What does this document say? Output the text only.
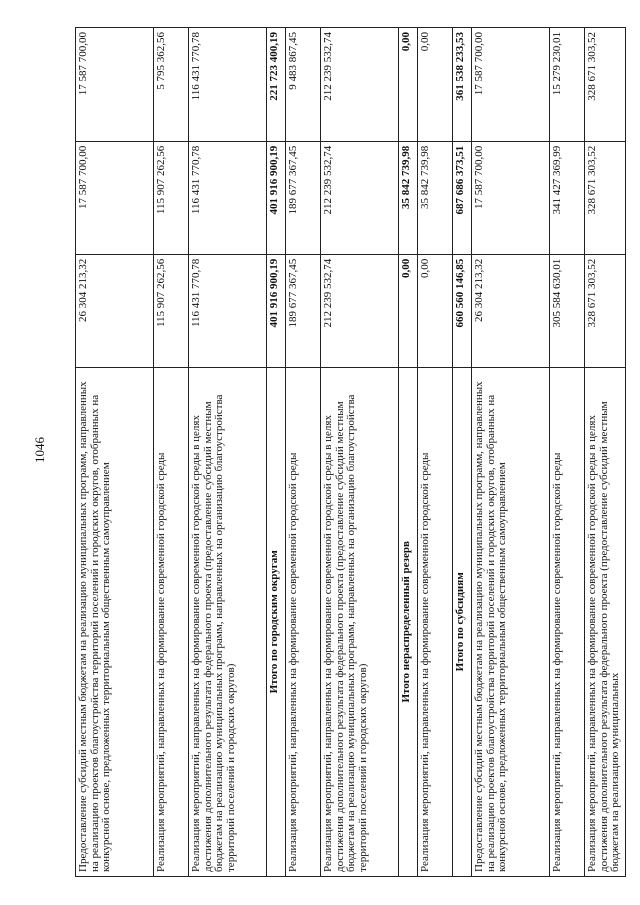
1046	Предоставление субсидий местным бюджетам на реализацию муниципальных программ, направленных на реализацию проектов благоустройства территорий поселений и городских округов, отобранных на конкурсной основе, предложенных территориальным общественным самоуправлением	26 304 213,32	17 587 700,00	17 587 700,00
Реализация мероприятий, направленных на формирование современной городской среды	115 907 262,56	115 907 262,56	5 795 362,56
Реализация мероприятий, направленных на формирование современной городской среды в целях достижения дополнительного результата федерального проекта (предоставление субсидий местным бюджетам на реализацию муниципальных программ, направленных на организацию благоустройства территорий поселений и городских округов)	116 431 770,78	116 431 770,78	116 431 770,78
Итого по городским округам	401 916 900,19	401 916 900,19	221 723 400,19
Реализация мероприятий, направленных на формирование современной городской среды	189 677 367,45	189 677 367,45	9 483 867,45
Реализация мероприятий, направленных на формирование современной городской среды в целях достижения дополнительного результата федерального проекта (предоставление субсидий местным бюджетам на реализацию муниципальных программ, направленных на организацию благоустройства территорий поселений и городских округов)	212 239 532,74	212 239 532,74	212 239 532,74
Итого нераспределенный резерв	0,00	35 842 739,98	0,00
Реализация мероприятий, направленных на формирование современной городской среды	0,00	35 842 739,98	0,00
Итого по субсидиям	660 560 146,85	687 686 373,51	361 538 233,53
Предоставление субсидий местным бюджетам на реализацию муниципальных программ, направленных на реализацию проектов благоустройства территорий поселений и городских округов, отобранных на конкурсной основе, предложенных территориальным общественным самоуправлением	26 304 213,32	17 587 700,00	17 587 700,00
Реализация мероприятий, направленных на формирование современной городской среды	305 584 630,01	341 427 369,99	15 279 230,01
Реализация мероприятий, направленных на формирование современной городской среды в целях достижения дополнительного результата федерального проекта (предоставление субсидий местным бюджетам на реализацию муниципальных	328 671 303,52	328 671 303,52	328 671 303,52
